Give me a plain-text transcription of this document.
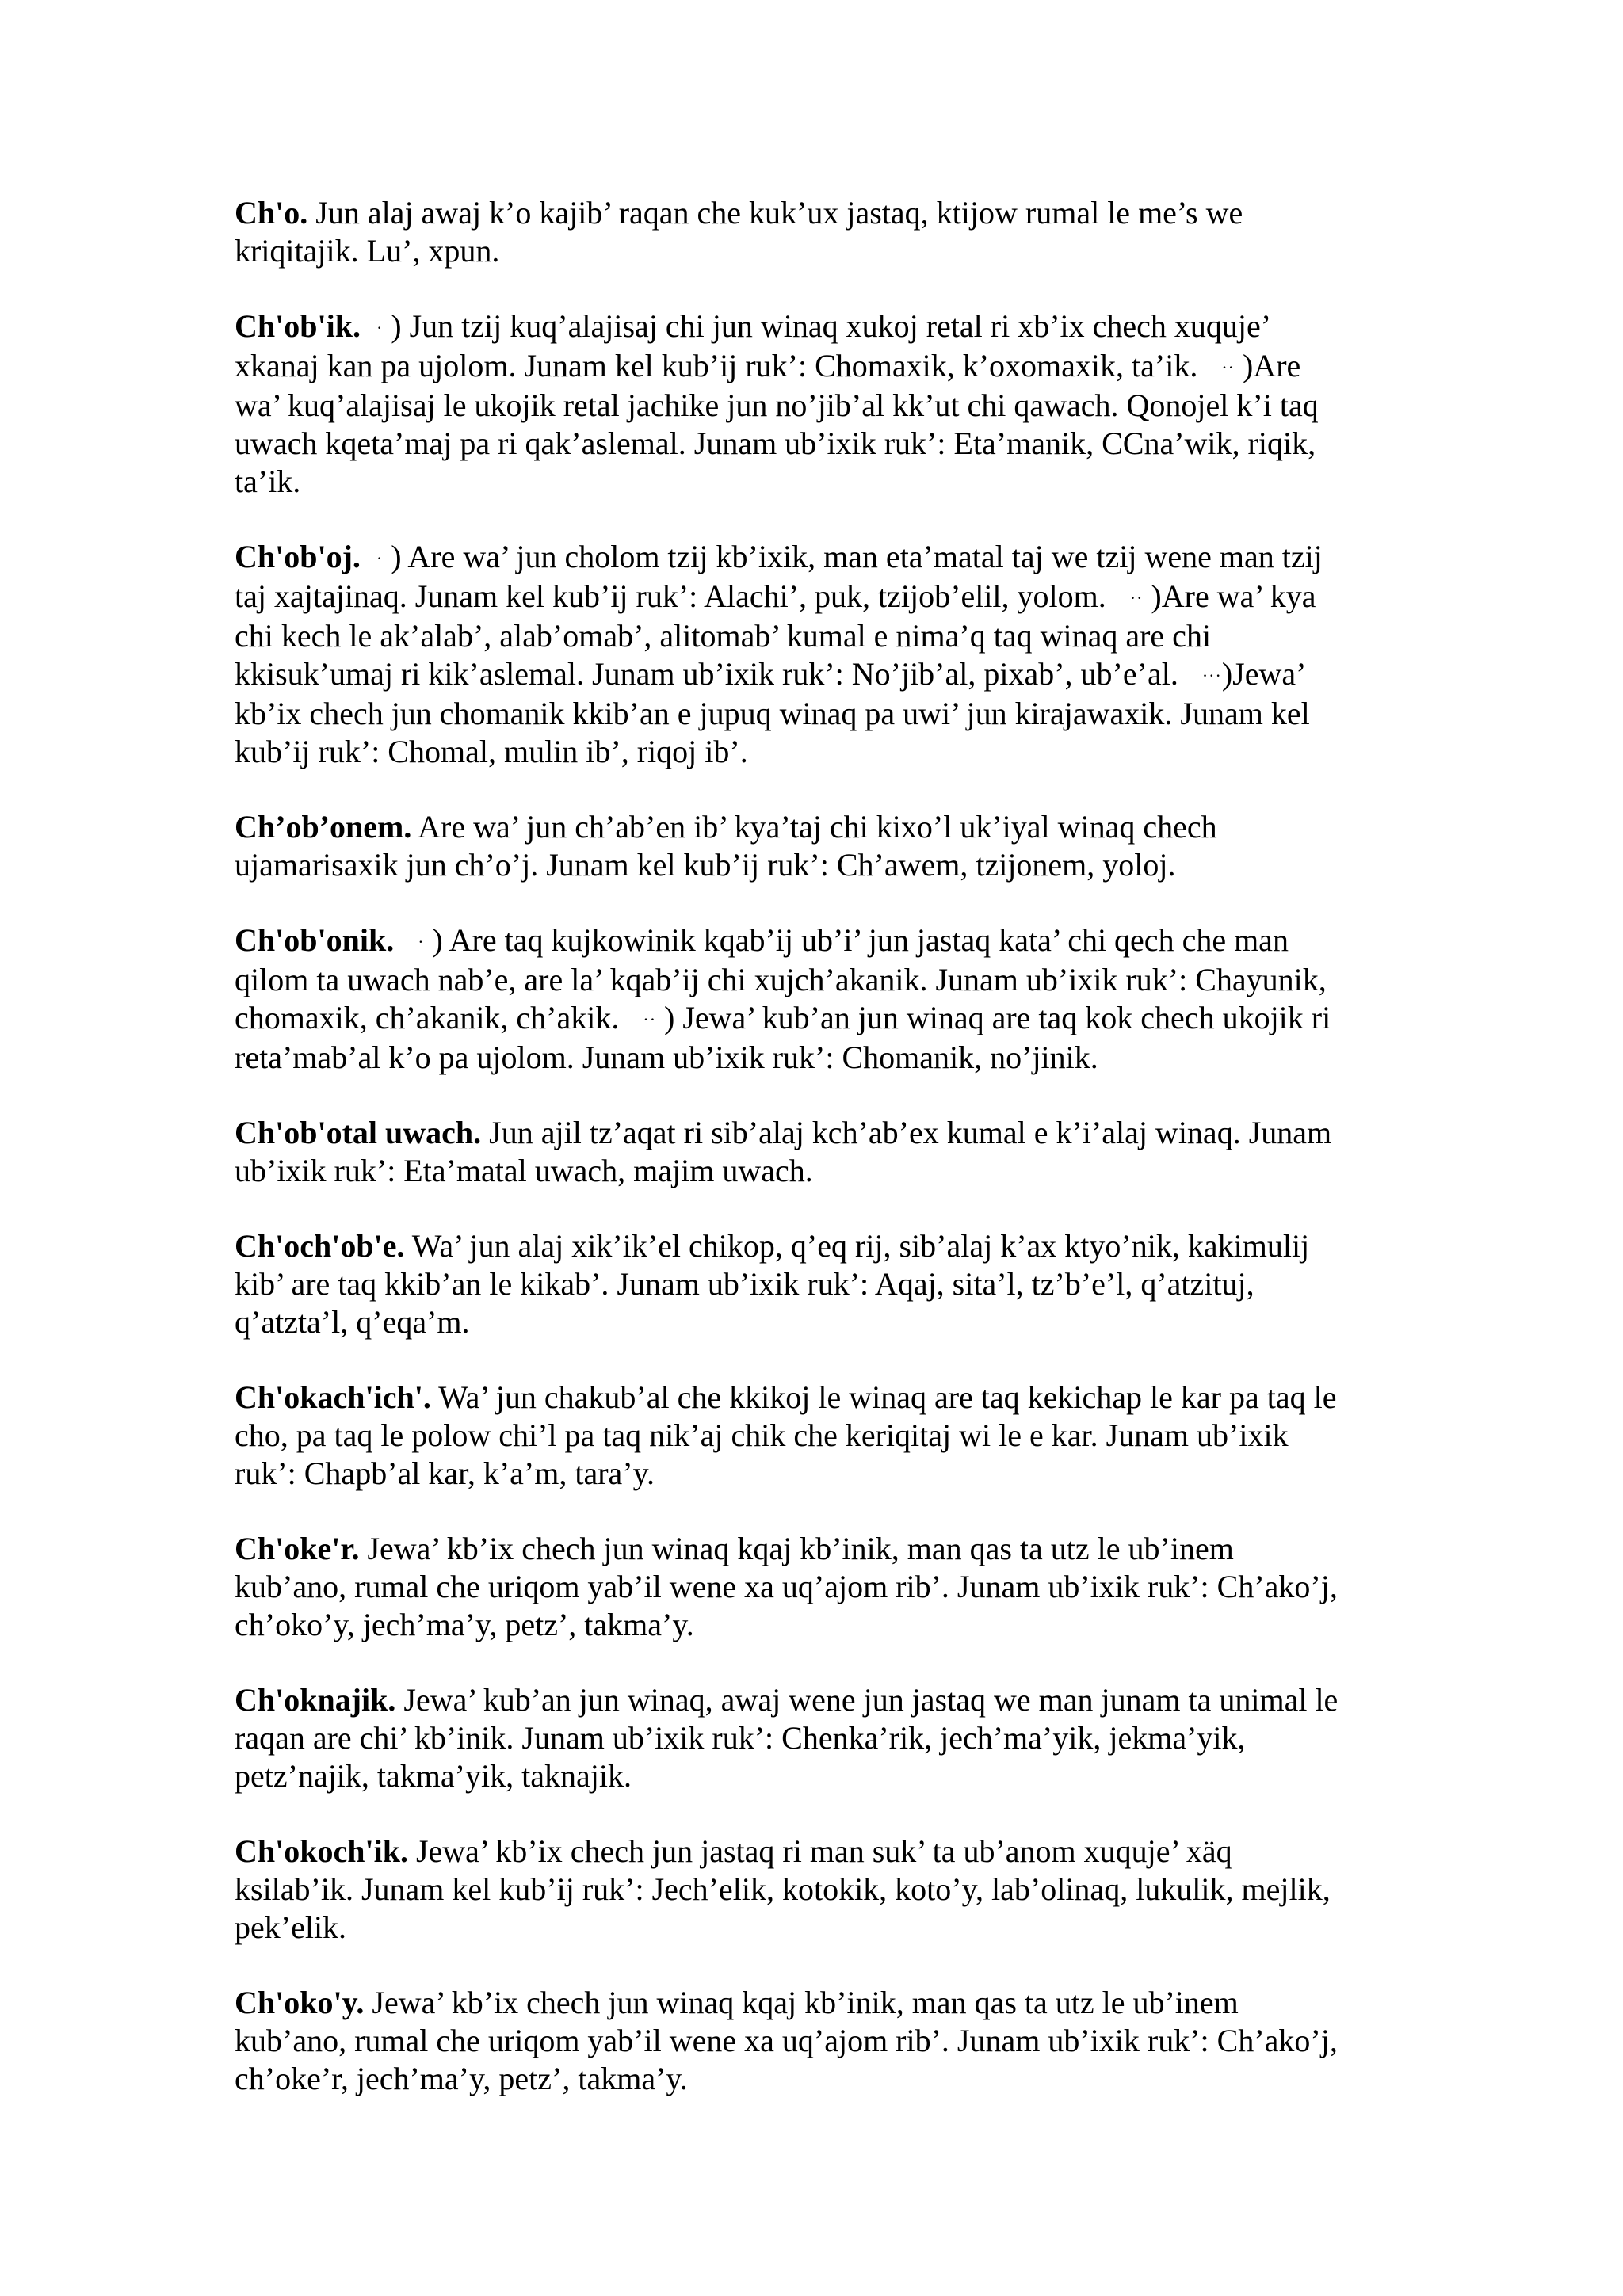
Ch'o. Jun alaj awaj k’o kajib’ raqan che kuk’ux jastaq, ktijow rumal le me’s we
kriqitajik. Lu’, xpun.
Ch'ob'ik. · ) Jun tzij kuq’alajisaj chi jun winaq xukoj retal ri xb’ix chech xuquje’
xkanaj kan pa ujolom. Junam kel kub’ij ruk’: Chomaxik, k’oxomaxik, ta’ik. ·· )Are
wa’ kuq’alajisaj le ukojik retal jachike jun no’jib’al kk’ut chi qawach. Qonojel k’i taq
uwach kqeta’maj pa ri qak’aslemal. Junam ub’ixik ruk’: Eta’manik, CCna’wik, riqik,
ta’ik.
Ch'ob'oj. · ) Are wa’ jun cholom tzij kb’ixik, man eta’matal taj we tzij wene man tzij
taj xajtajinaq. Junam kel kub’ij ruk’: Alachi’, puk, tzijob’elil, yolom. ·· )Are wa’ kya
chi kech le ak’alab’, alab’omab’, alitomab’ kumal e nima’q taq winaq are chi
kkisuk’umaj ri kik’aslemal. Junam ub’ixik ruk’: No’jib’al, pixab’, ub’e’al. ···)Jewa’
kb’ix chech jun chomanik kkib’an e jupuq winaq pa uwi’ jun kirajawaxik. Junam kel
kub’ij ruk’: Chomal, mulin ib’, riqoj ib’.
Ch’ob’onem. Are wa’ jun ch’ab’en ib’ kya’taj chi kixo’l uk’iyal winaq chech
ujamarisaxik jun ch’o’j. Junam kel kub’ij ruk’: Ch’awem, tzijonem, yoloj.
Ch'ob'onik. · ) Are taq kujkowinik kqab’ij ub’i’ jun jastaq kata’ chi qech che man
qilom ta uwach nab’e, are la’ kqab’ij chi xujch’akanik. Junam ub’ixik ruk’: Chayunik,
chomaxik, ch’akanik, ch’akik. ·· ) Jewa’ kub’an jun winaq are taq kok chech ukojik ri
reta’mab’al k’o pa ujolom. Junam ub’ixik ruk’: Chomanik, no’jinik.
Ch'ob'otal uwach. Jun ajil tz’aqat ri sib’alaj kch’ab’ex kumal e k’i’alaj winaq. Junam
ub’ixik ruk’: Eta’matal uwach, majim uwach.
Ch'och'ob'e. Wa’ jun alaj xik’ik’el chikop, q’eq rij, sib’alaj k’ax ktyo’nik, kakimulij
kib’ are taq kkib’an le kikab’. Junam ub’ixik ruk’: Aqaj, sita’l, tz’b’e’l, q’atzituj,
q’atzta’l, q’eqa’m.
Ch'okach'ich'. Wa’ jun chakub’al che kkikoj le winaq are taq kekichap le kar pa taq le
cho, pa taq le polow chi’l pa taq nik’aj chik che keriqitaj wi le e kar. Junam ub’ixik
ruk’: Chapb’al kar, k’a’m, tara’y.
Ch'oke'r. Jewa’ kb’ix chech jun winaq kqaj kb’inik, man qas ta utz le ub’inem
kub’ano, rumal che uriqom yab’il wene xa uq’ajom rib’. Junam ub’ixik ruk’: Ch’ako’j,
ch’oko’y, jech’ma’y, petz’, takma’y.
Ch'oknajik. Jewa’ kub’an jun winaq, awaj wene jun jastaq we man junam ta unimal le
raqan are chi’ kb’inik. Junam ub’ixik ruk’: Chenka’rik, jech’ma’yik, jekma’yik,
petz’najik, takma’yik, taknajik.
Ch'okoch'ik. Jewa’ kb’ix chech jun jastaq ri man suk’ ta ub’anom xuquje’ xäq
ksilab’ik. Junam kel kub’ij ruk’: Jech’elik, kotokik, koto’y, lab’olinaq, lukulik, mejlik,
pek’elik.
Ch'oko'y. Jewa’ kb’ix chech jun winaq kqaj kb’inik, man qas ta utz le ub’inem
kub’ano, rumal che uriqom yab’il wene xa uq’ajom rib’. Junam ub’ixik ruk’: Ch’ako’j,
ch’oke’r, jech’ma’y, petz’, takma’y.
